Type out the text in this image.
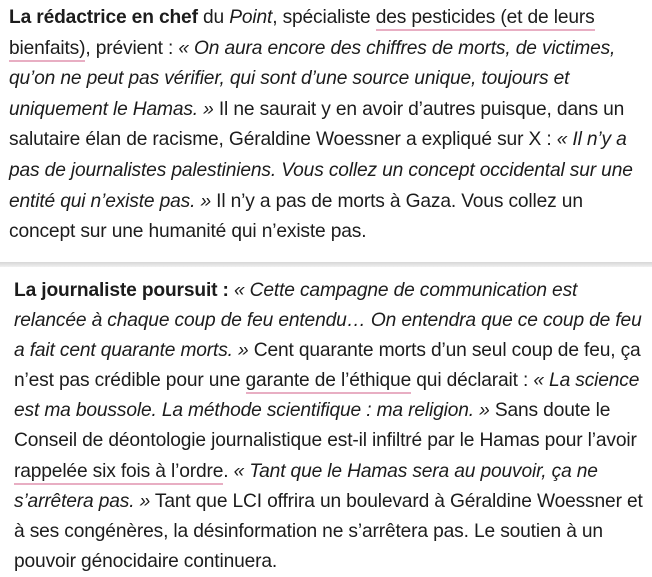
La rédactrice en chef du Point, spécialiste des pesticides (et de leurs bienfaits), prévient : « On aura encore des chiffres de morts, de victimes, qu’on ne peut pas vérifier, qui sont d’une source unique, toujours et uniquement le Hamas. » Il ne saurait y en avoir d’autres puisque, dans un salutaire élan de racisme, Géraldine Woessner a expliqué sur X : « Il n’y a pas de journalistes palestiniens. Vous collez un concept occidental sur une entité qui n’existe pas. » Il n’y a pas de morts à Gaza. Vous collez un concept sur une humanité qui n’existe pas.

La journaliste poursuit : « Cette campagne de communication est relancée à chaque coup de feu entendu… On entendra que ce coup de feu a fait cent quarante morts. » Cent quarante morts d’un seul coup de feu, ça n’est pas crédible pour une garante de l’éthique qui déclarait : « La science est ma boussole. La méthode scientifique : ma religion. » Sans doute le Conseil de déontologie journalistique est-il infiltré par le Hamas pour l’avoir rappelée six fois à l’ordre. « Tant que le Hamas sera au pouvoir, ça ne s’arrêtera pas. » Tant que LCI offrira un boulevard à Géraldine Woessner et à ses congénères, la désinformation ne s’arrêtera pas. Le soutien à un pouvoir génocidaire continuera.
